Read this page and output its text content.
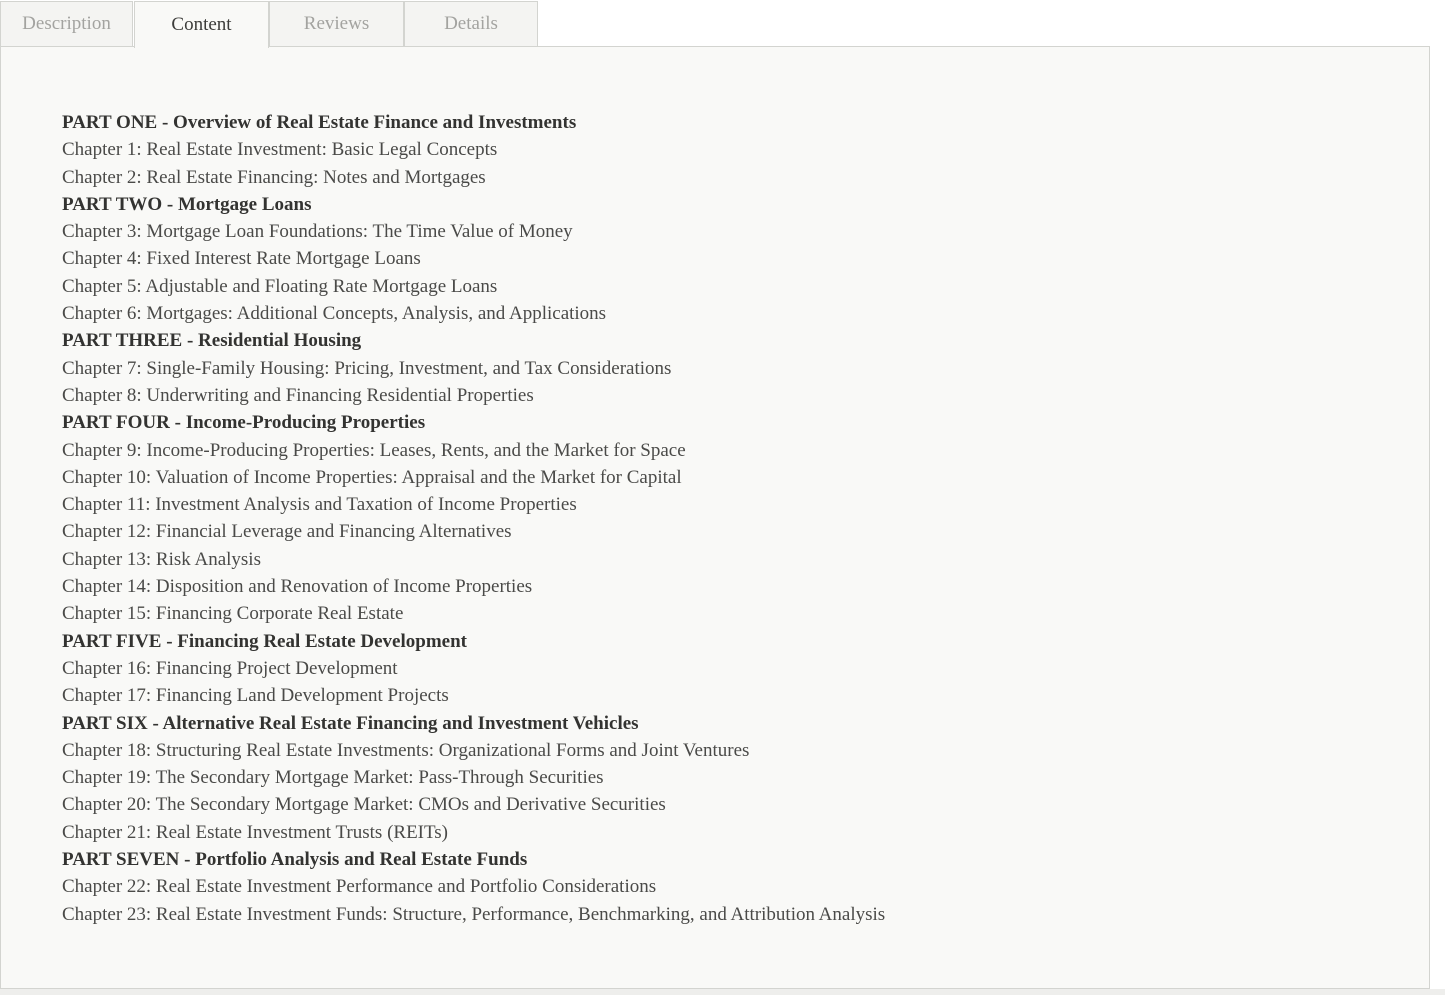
Description	Content	Reviews	Details
PART ONE - Overview of Real Estate Finance and Investments
Chapter 1: Real Estate Investment: Basic Legal Concepts
Chapter 2: Real Estate Financing: Notes and Mortgages
PART TWO - Mortgage Loans
Chapter 3: Mortgage Loan Foundations: The Time Value of Money
Chapter 4: Fixed Interest Rate Mortgage Loans
Chapter 5: Adjustable and Floating Rate Mortgage Loans
Chapter 6: Mortgages: Additional Concepts, Analysis, and Applications
PART THREE - Residential Housing
Chapter 7: Single-Family Housing: Pricing, Investment, and Tax Considerations
Chapter 8: Underwriting and Financing Residential Properties
PART FOUR - Income-Producing Properties
Chapter 9: Income-Producing Properties: Leases, Rents, and the Market for Space
Chapter 10: Valuation of Income Properties: Appraisal and the Market for Capital
Chapter 11: Investment Analysis and Taxation of Income Properties
Chapter 12: Financial Leverage and Financing Alternatives
Chapter 13: Risk Analysis
Chapter 14: Disposition and Renovation of Income Properties
Chapter 15: Financing Corporate Real Estate
PART FIVE - Financing Real Estate Development
Chapter 16: Financing Project Development
Chapter 17: Financing Land Development Projects
PART SIX - Alternative Real Estate Financing and Investment Vehicles
Chapter 18: Structuring Real Estate Investments: Organizational Forms and Joint Ventures
Chapter 19: The Secondary Mortgage Market: Pass-Through Securities
Chapter 20: The Secondary Mortgage Market: CMOs and Derivative Securities
Chapter 21: Real Estate Investment Trusts (REITs)
PART SEVEN - Portfolio Analysis and Real Estate Funds
Chapter 22: Real Estate Investment Performance and Portfolio Considerations
Chapter 23: Real Estate Investment Funds: Structure, Performance, Benchmarking, and Attribution Analysis
